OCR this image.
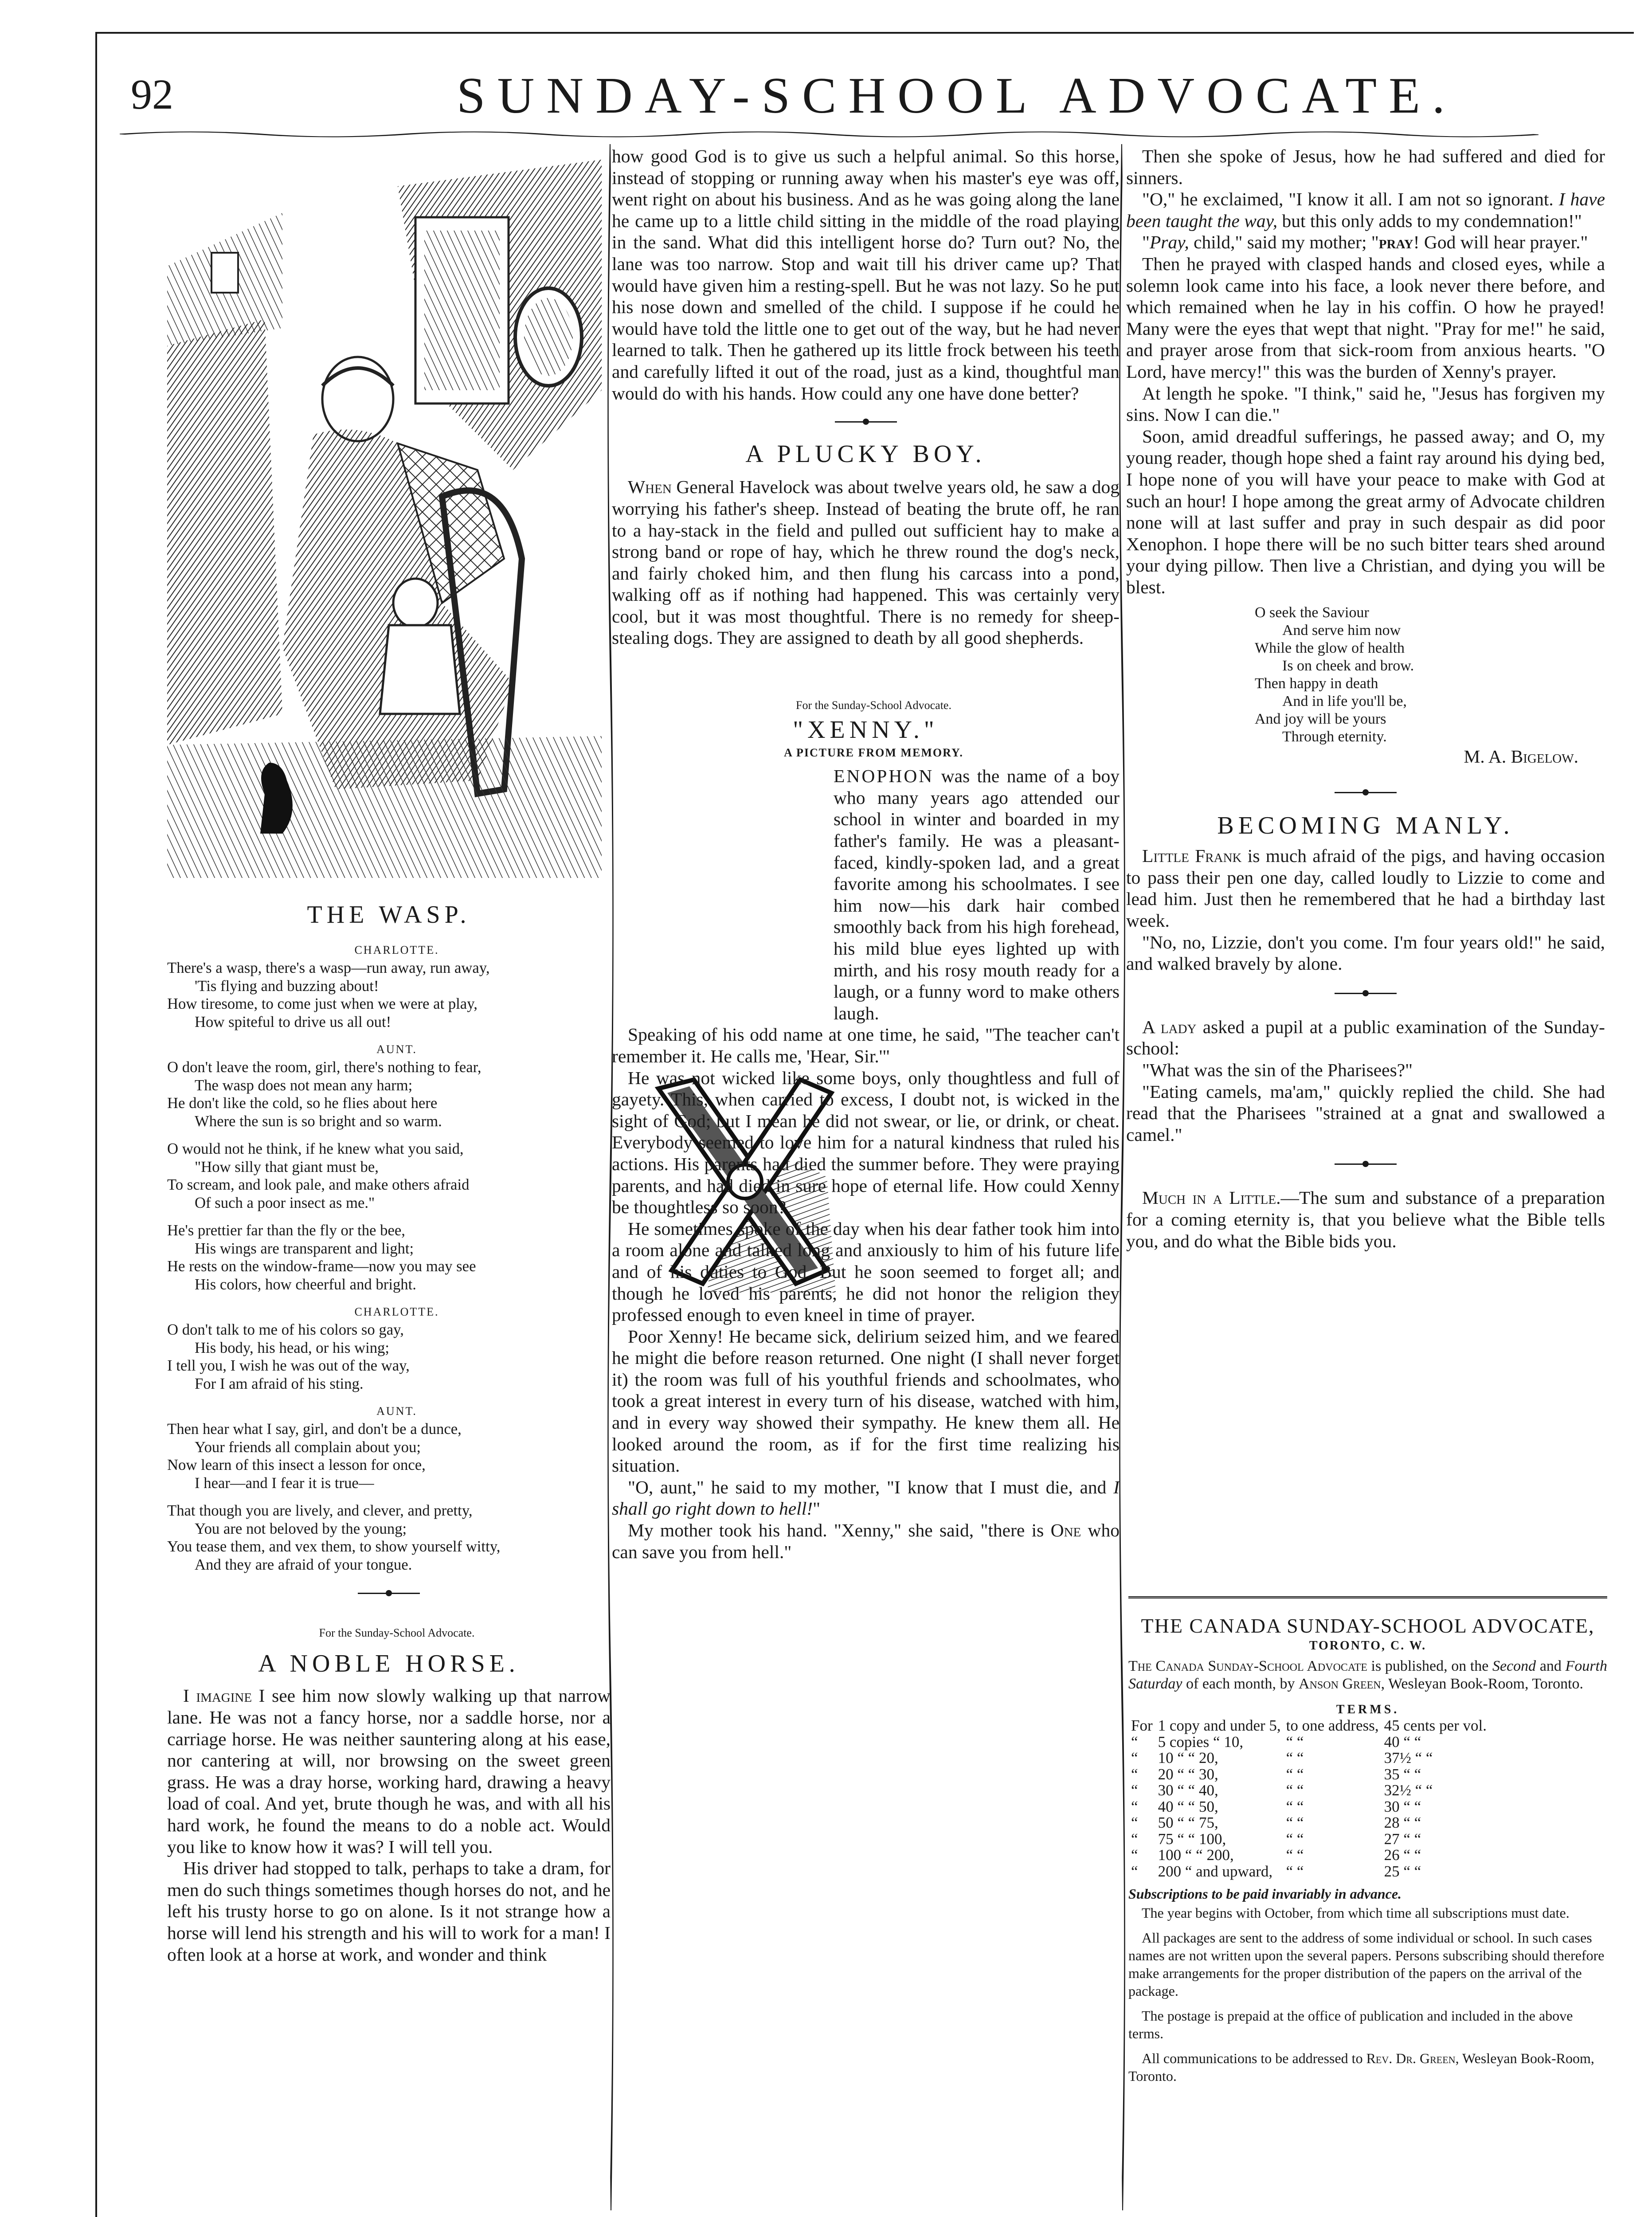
92	SUNDAY-SCHOOL ADVOCATE.
THE WASP.

CHARLOTTE.

There's a wasp, there's a wasp—run away, run away,
'Tis flying and buzzing about!
How tiresome, to come just when we were at play,
How spiteful to drive us all out!

AUNT.

O don't leave the room, girl, there's nothing to fear,
The wasp does not mean any harm;
He don't like the cold, so he flies about here
Where the sun is so bright and so warm.
O would not he think, if he knew what you said,
"How silly that giant must be,
To scream, and look pale, and make others afraid
Of such a poor insect as me."
He's prettier far than the fly or the bee,
His wings are transparent and light;
He rests on the window-frame—now you may see
His colors, how cheerful and bright.

CHARLOTTE.

O don't talk to me of his colors so gay,
His body, his head, or his wing;
I tell you, I wish he was out of the way,
For I am afraid of his sting.

AUNT.

Then hear what I say, girl, and don't be a dunce,
Your friends all complain about you;
Now learn of this insect a lesson for once,
I hear—and I fear it is true—
That though you are lively, and clever, and pretty,
You are not beloved by the young;
You tease them, and vex them, to show yourself witty,
And they are afraid of your tongue.

For the Sunday-School Advocate.

A NOBLE HORSE.

I imagine I see him now slowly walking up that narrow lane. He was not a fancy horse, nor a saddle horse, nor a carriage horse. He was neither sauntering along at his ease, nor cantering at will, nor browsing on the sweet green grass. He was a dray horse, working hard, drawing a heavy load of coal. And yet, brute though he was, and with all his hard work, he found the means to do a noble act. Would you like to know how it was? I will tell you.

His driver had stopped to talk, perhaps to take a dram, for men do such things sometimes though horses do not, and he left his trusty horse to go on alone. Is it not strange how a horse will lend his strength and his will to work for a man! I often look at a horse at work, and wonder and think

how good God is to give us such a helpful animal. So this horse, instead of stopping or running away when his master's eye was off, went right on about his business. And as he was going along the lane he came up to a little child sitting in the middle of the road playing in the sand. What did this intelligent horse do? Turn out? No, the lane was too narrow. Stop and wait till his driver came up? That would have given him a resting-spell. But he was not lazy. So he put his nose down and smelled of the child. I suppose if he could he would have told the little one to get out of the way, but he had never learned to talk. Then he gathered up its little frock between his teeth and carefully lifted it out of the road, just as a kind, thoughtful man would do with his hands. How could any one have done better?

A PLUCKY BOY.

When General Havelock was about twelve years old, he saw a dog worrying his father's sheep. Instead of beating the brute off, he ran to a hay-stack in the field and pulled out sufficient hay to make a strong band or rope of hay, which he threw round the dog's neck, and fairly choked him, and then flung his carcass into a pond, walking off as if nothing had happened. This was certainly very cool, but it was most thoughtful. There is no remedy for sheep-stealing dogs. They are assigned to death by all good shepherds.

For the Sunday-School Advocate.

"XENNY."

A PICTURE FROM MEMORY.

ENOPHON was the name of a boy who many years ago attended our school in winter and boarded in my father's family. He was a pleasant-faced, kindly-spoken lad, and a great favorite among his schoolmates. I see him now—his dark hair combed smoothly back from his high forehead, his mild blue eyes lighted up with mirth, and his rosy mouth ready for a laugh, or a funny word to make others laugh.

Speaking of his odd name at one time, he said, "The teacher can't remember it. He calls me, 'Hear, Sir.'"

He was not wicked like some boys, only thoughtless and full of gayety. This, when carried to excess, I doubt not, is wicked in the sight of God; but I mean he did not swear, or lie, or drink, or cheat. Everybody seemed to love him for a natural kindness that ruled his actions. His parents had died the summer before. They were praying parents, and had died in sure hope of eternal life. How could Xenny be thoughtless so soon?

He sometimes spoke of the day when his dear father took him into a room alone and talked long and anxiously to him of his future life and of his duties to God. But he soon seemed to forget all; and though he loved his parents, he did not honor the religion they professed enough to even kneel in time of prayer.

Poor Xenny! He became sick, delirium seized him, and we feared he might die before reason returned. One night (I shall never forget it) the room was full of his youthful friends and schoolmates, who took a great interest in every turn of his disease, watched with him, and in every way showed their sympathy. He knew them all. He looked around the room, as if for the first time realizing his situation.

"O, aunt," he said to my mother, "I know that I must die, and I shall go right down to hell!"

My mother took his hand. "Xenny," she said, "there is One who can save you from hell."

Then she spoke of Jesus, how he had suffered and died for sinners.

"O," he exclaimed, "I know it all. I am not so ignorant. I have been taught the way, but this only adds to my condemnation!"

"Pray, child," said my mother; "pray! God will hear prayer."

Then he prayed with clasped hands and closed eyes, while a solemn look came into his face, a look never there before, and which remained when he lay in his coffin. O how he prayed! Many were the eyes that wept that night. "Pray for me!" he said, and prayer arose from that sick-room from anxious hearts. "O Lord, have mercy!" this was the burden of Xenny's prayer.

At length he spoke. "I think," said he, "Jesus has forgiven my sins. Now I can die."

Soon, amid dreadful sufferings, he passed away; and O, my young reader, though hope shed a faint ray around his dying bed, I hope none of you will have your peace to make with God at such an hour! I hope among the great army of Advocate children none will at last suffer and pray in such despair as did poor Xenophon. I hope there will be no such bitter tears shed around your dying pillow. Then live a Christian, and dying you will be blest.

O seek the Saviour
And serve him now
While the glow of health
Is on cheek and brow.
Then happy in death
And in life you'll be,
And joy will be yours
Through eternity.

M. A. Bigelow.

BECOMING MANLY.

Little Frank is much afraid of the pigs, and having occasion to pass their pen one day, called loudly to Lizzie to come and lead him. Just then he remembered that he had a birthday last week.

"No, no, Lizzie, don't you come. I'm four years old!" he said, and walked bravely by alone.

A lady asked a pupil at a public examination of the Sunday-school:

"What was the sin of the Pharisees?"

"Eating camels, ma'am," quickly replied the child. She had read that the Pharisees "strained at a gnat and swallowed a camel."

Much in a Little.—The sum and substance of a preparation for a coming eternity is, that you believe what the Bible tells you, and do what the Bible bids you.

THE CANADA SUNDAY-SCHOOL ADVOCATE,

TORONTO, C. W.

The Canada Sunday-School Advocate is published, on the Second and Fourth Saturday of each month, by Anson Green, Wesleyan Book-Room, Toronto.

TERMS.

For	1 copy and under 5,	to one address,	45 cents per vol.
“	5 copies “ 10,	“ “	40 “ “
“	10 “ “ 20,	“ “	37½ “ “
“	20 “ “ 30,	“ “	35 “ “
“	30 “ “ 40,	“ “	32½ “ “
“	40 “ “ 50,	“ “	30 “ “
“	50 “ “ 75,	“ “	28 “ “
“	75 “ “ 100,	“ “	27 “ “
“	100 “ “ 200,	“ “	26 “ “
“	200 “ and upward,	“ “	25 “ “

Subscriptions to be paid invariably in advance.

The year begins with October, from which time all subscriptions must date.

All packages are sent to the address of some individual or school. In such cases names are not written upon the several papers. Persons subscribing should therefore make arrangements for the proper distribution of the papers on the arrival of the package.

The postage is prepaid at the office of publication and included in the above terms.

All communications to be addressed to Rev. Dr. Green, Wesleyan Book-Room, Toronto.
